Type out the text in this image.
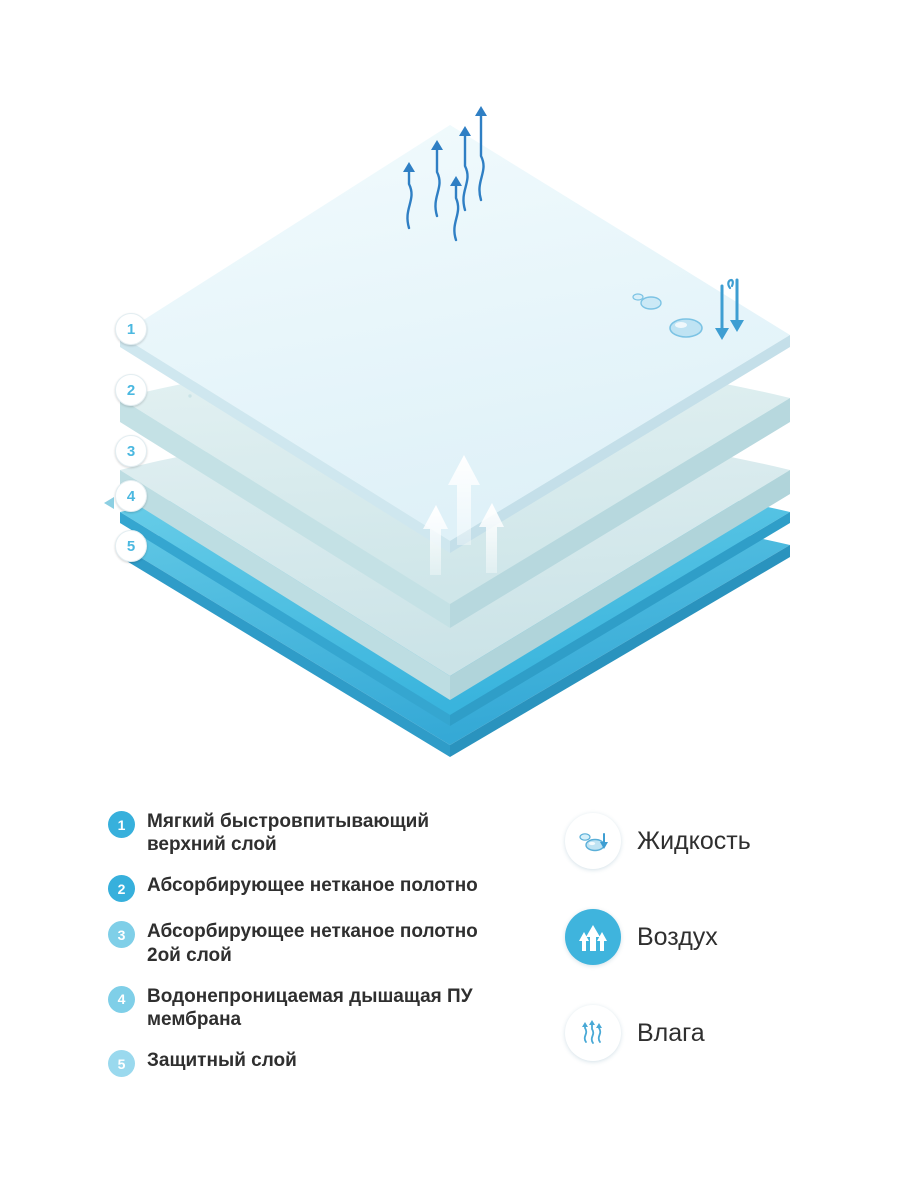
1
2
3
4
5
1	Мягкий быстровпитывающий верхний слой
2	Абсорбирующее нетканое полотно
3	Абсорбирующее нетканое полотно 2ой слой
4	Водонепроницаемая дышащая ПУ мембрана
5	Защитный слой
Жидкость
Воздух
Влага
